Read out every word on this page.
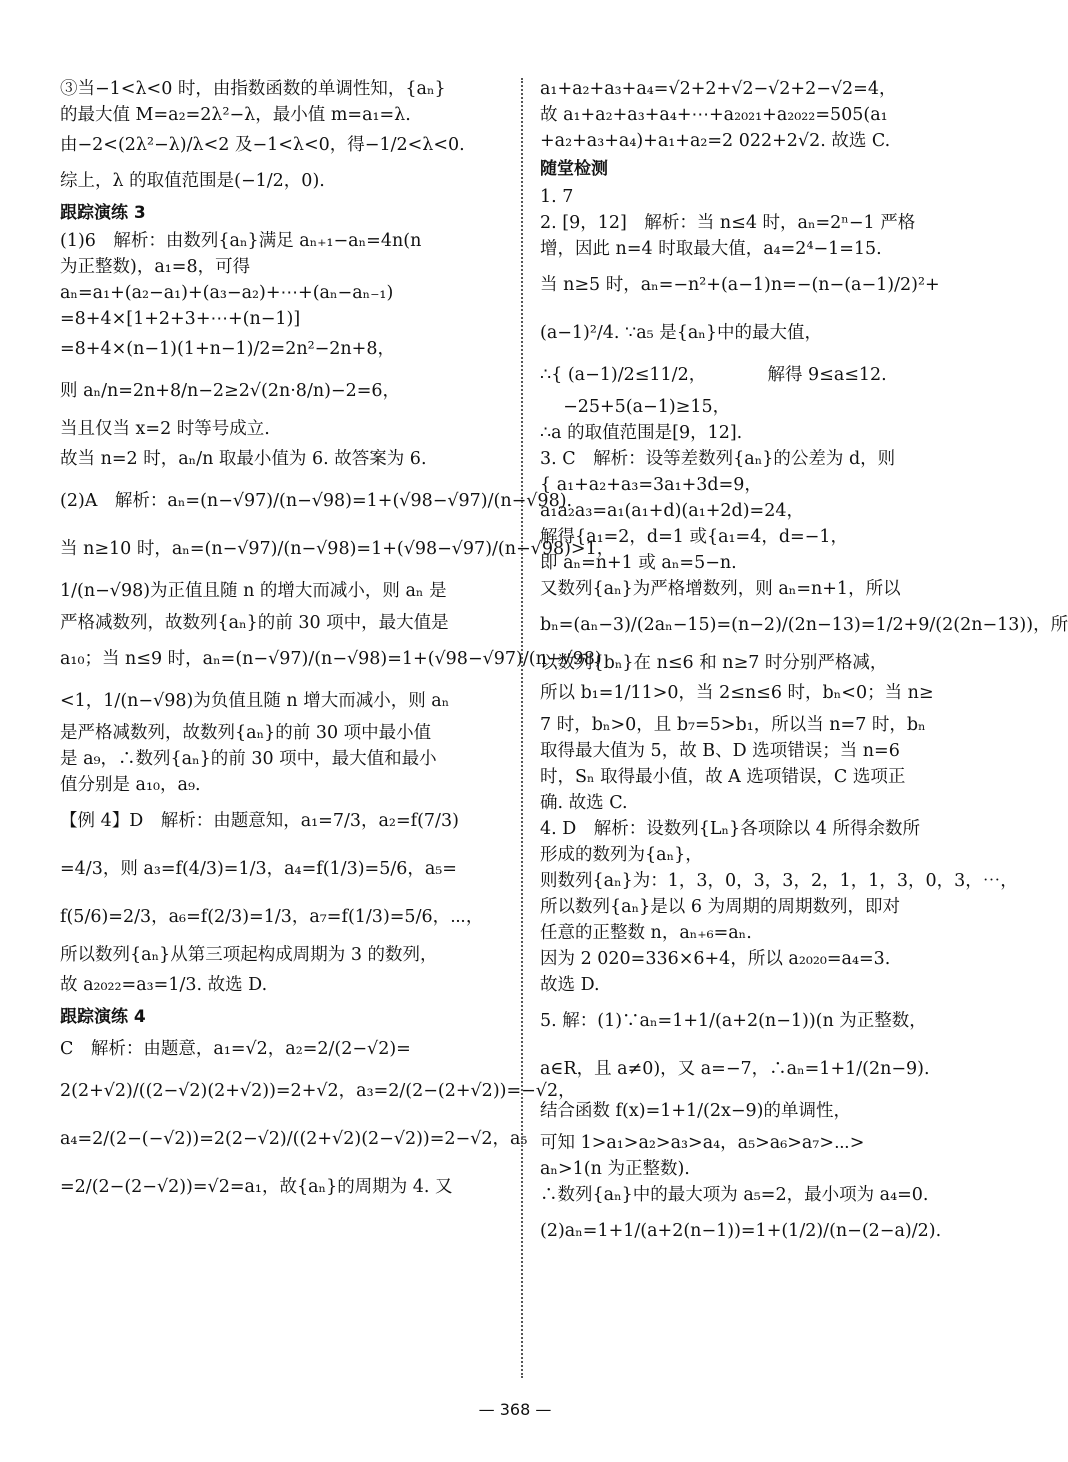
③当−1<λ<0 时，由指数函数的单调性知，{aₙ}
的最大值 M=a₂=2λ²−λ，最小值 m=a₁=λ.
由−2<(2λ²−λ)/λ<2 及−1<λ<0，得−1/2<λ<0.
综上，λ 的取值范围是(−1/2，0).
跟踪演练 3
(1)6　解析：由数列{aₙ}满足 aₙ₊₁−aₙ=4n(n
为正整数)，a₁=8，可得
aₙ=a₁+(a₂−a₁)+(a₃−a₂)+⋯+(aₙ−aₙ₋₁)
=8+4×[1+2+3+⋯+(n−1)]
=8+4×(n−1)(1+n−1)/2=2n²−2n+8，
则 aₙ/n=2n+8/n−2≥2√(2n·8/n)−2=6，
当且仅当 x=2 时等号成立.
故当 n=2 时，aₙ/n 取最小值为 6. 故答案为 6.
(2)A　解析：aₙ=(n−√97)/(n−√98)=1+(√98−√97)/(n−√98).
当 n≥10 时，aₙ=(n−√97)/(n−√98)=1+(√98−√97)/(n−√98)>1，
1/(n−√98)为正值且随 n 的增大而减小，则 aₙ 是
严格减数列，故数列{aₙ}的前 30 项中，最大值是
a₁₀；当 n≤9 时，aₙ=(n−√97)/(n−√98)=1+(√98−√97)/(n−√98)
<1，1/(n−√98)为负值且随 n 增大而减小，则 aₙ
是严格减数列，故数列{aₙ}的前 30 项中最小值
是 a₉，∴数列{aₙ}的前 30 项中，最大值和最小
值分别是 a₁₀，a₉.
【例 4】D　解析：由题意知，a₁=7/3，a₂=f(7/3)
=4/3，则 a₃=f(4/3)=1/3，a₄=f(1/3)=5/6，a₅=
f(5/6)=2/3，a₆=f(2/3)=1/3，a₇=f(1/3)=5/6，⋯，
所以数列{aₙ}从第三项起构成周期为 3 的数列，
故 a₂₀₂₂=a₃=1/3. 故选 D.
跟踪演练 4
C　解析：由题意，a₁=√2，a₂=2/(2−√2)=
2(2+√2)/((2−√2)(2+√2))=2+√2，a₃=2/(2−(2+√2))=−√2，
a₄=2/(2−(−√2))=2(2−√2)/((2+√2)(2−√2))=2−√2，a₅
=2/(2−(2−√2))=√2=a₁，故{aₙ}的周期为 4. 又
a₁+a₂+a₃+a₄=√2+2+√2−√2+2−√2=4，
故 a₁+a₂+a₃+a₄+⋯+a₂₀₂₁+a₂₀₂₂=505(a₁
+a₂+a₃+a₄)+a₁+a₂=2 022+2√2. 故选 C.
随堂检测
1. 7
2. [9，12]　解析：当 n≤4 时，aₙ=2ⁿ−1 严格
增，因此 n=4 时取最大值，a₄=2⁴−1=15.
当 n≥5 时，aₙ=−n²+(a−1)n=−(n−(a−1)/2)²+
(a−1)²/4. ∵a₅ 是{aₙ}中的最大值，
∴{ (a−1)/2≤11/2，　　　　解得 9≤a≤12.
　 −25+5(a−1)≥15，
∴a 的取值范围是[9，12].
3. C　解析：设等差数列{aₙ}的公差为 d，则
{ a₁+a₂+a₃=3a₁+3d=9，
a₁a₂a₃=a₁(a₁+d)(a₁+2d)=24，
解得{a₁=2，d=1 或{a₁=4，d=−1，
即 aₙ=n+1 或 aₙ=5−n.
又数列{aₙ}为严格增数列，则 aₙ=n+1，所以
bₙ=(aₙ−3)/(2aₙ−15)=(n−2)/(2n−13)=1/2+9/(2(2n−13))，所
以数列{bₙ}在 n≤6 和 n≥7 时分别严格减，
所以 b₁=1/11>0，当 2≤n≤6 时，bₙ<0；当 n≥
7 时，bₙ>0，且 b₇=5>b₁，所以当 n=7 时，bₙ
取得最大值为 5，故 B、D 选项错误；当 n=6
时，Sₙ 取得最小值，故 A 选项错误，C 选项正
确. 故选 C.
4. D　解析：设数列{Lₙ}各项除以 4 所得余数所
形成的数列为{aₙ}，
则数列{aₙ}为：1，3，0，3，3，2，1，1，3，0，3，⋯，
所以数列{aₙ}是以 6 为周期的周期数列，即对
任意的正整数 n，aₙ₊₆=aₙ.
因为 2 020=336×6+4，所以 a₂₀₂₀=a₄=3.
故选 D.
5. 解：(1)∵aₙ=1+1/(a+2(n−1))(n 为正整数，
a∈R，且 a≠0)，又 a=−7，∴aₙ=1+1/(2n−9).
结合函数 f(x)=1+1/(2x−9)的单调性，
可知 1>a₁>a₂>a₃>a₄，a₅>a₆>a₇>⋯>
aₙ>1(n 为正整数).
∴数列{aₙ}中的最大项为 a₅=2，最小项为 a₄=0.
(2)aₙ=1+1/(a+2(n−1))=1+(1/2)/(n−(2−a)/2).
— 368 —
